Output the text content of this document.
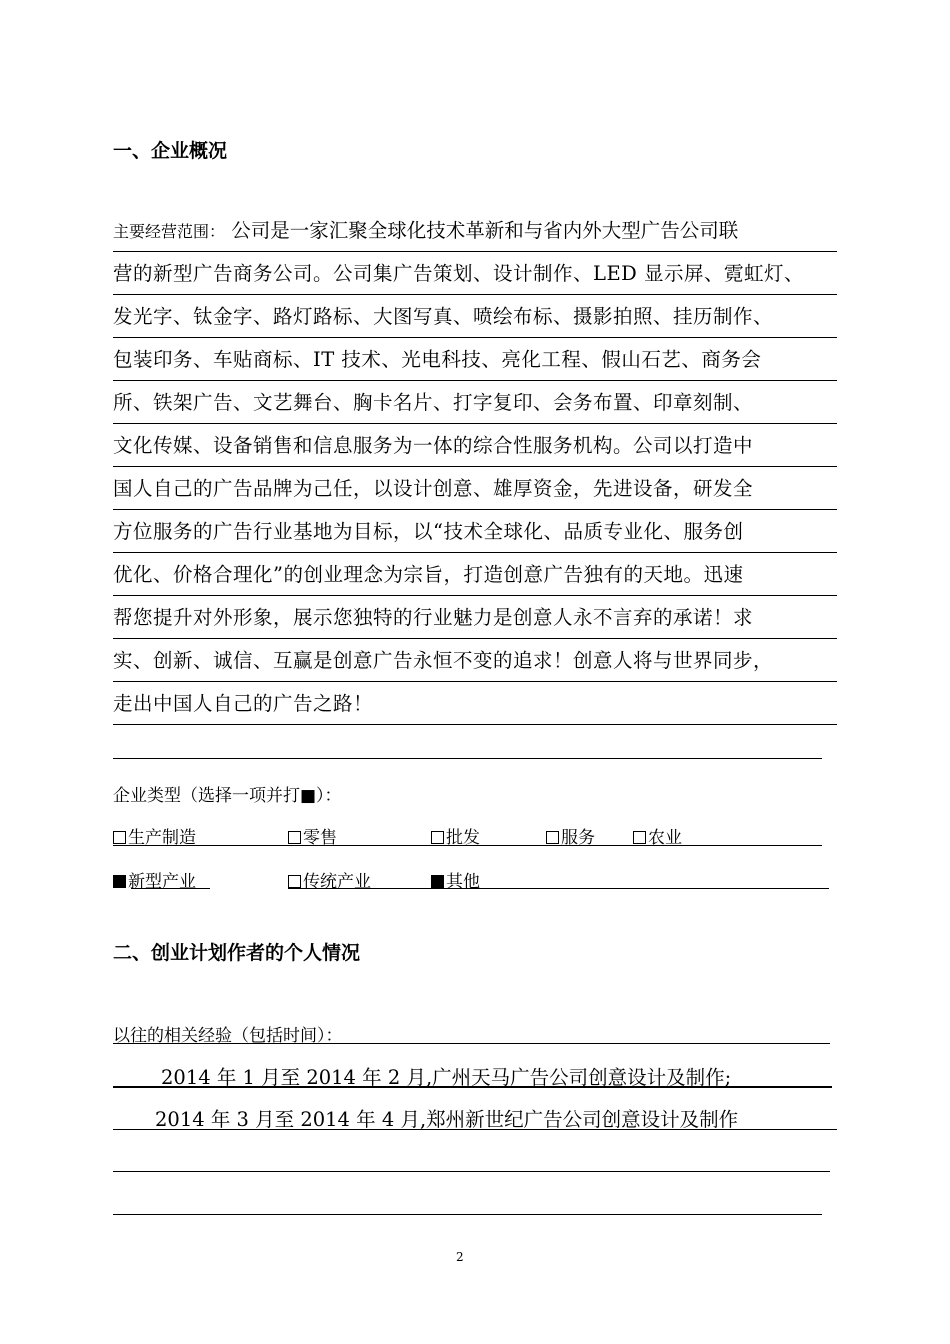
一、企业概况
主要经营范围： 公司是一家汇聚全球化技术革新和与省内外大型广告公司联
营的新型广告商务公司。公司集广告策划、设计制作、LED 显示屏、霓虹灯、
发光字、钛金字、路灯路标、大图写真、喷绘布标、摄影拍照、挂历制作、
包装印务、车贴商标、IT 技术、光电科技、亮化工程、假山石艺、商务会
所、铁架广告、文艺舞台、胸卡名片、打字复印、会务布置、印章刻制、
文化传媒、设备销售和信息服务为一体的综合性服务机构。公司以打造中
国人自己的广告品牌为己任，以设计创意、雄厚资金，先进设备，研发全
方位服务的广告行业基地为目标，以“技术全球化、品质专业化、服务创
优化、价格合理化”的创业理念为宗旨，打造创意广告独有的天地。迅速
帮您提升对外形象，展示您独特的行业魅力是创意人永不言弃的承诺！求
实、创新、诚信、互赢是创意广告永恒不变的追求！创意人将与世界同步，
走出中国人自己的广告之路！
企业类型（选择一项并打■）：
生产制造	零售	批发	服务	农业
新型产业	传统产业	其他
二、创业计划作者的个人情况
以往的相关经验（包括时间）：
2014 年 1 月至 2014 年 2 月,广州天马广告公司创意设计及制作;
2014 年 3 月至 2014 年 4 月,郑州新世纪广告公司创意设计及制作
2
